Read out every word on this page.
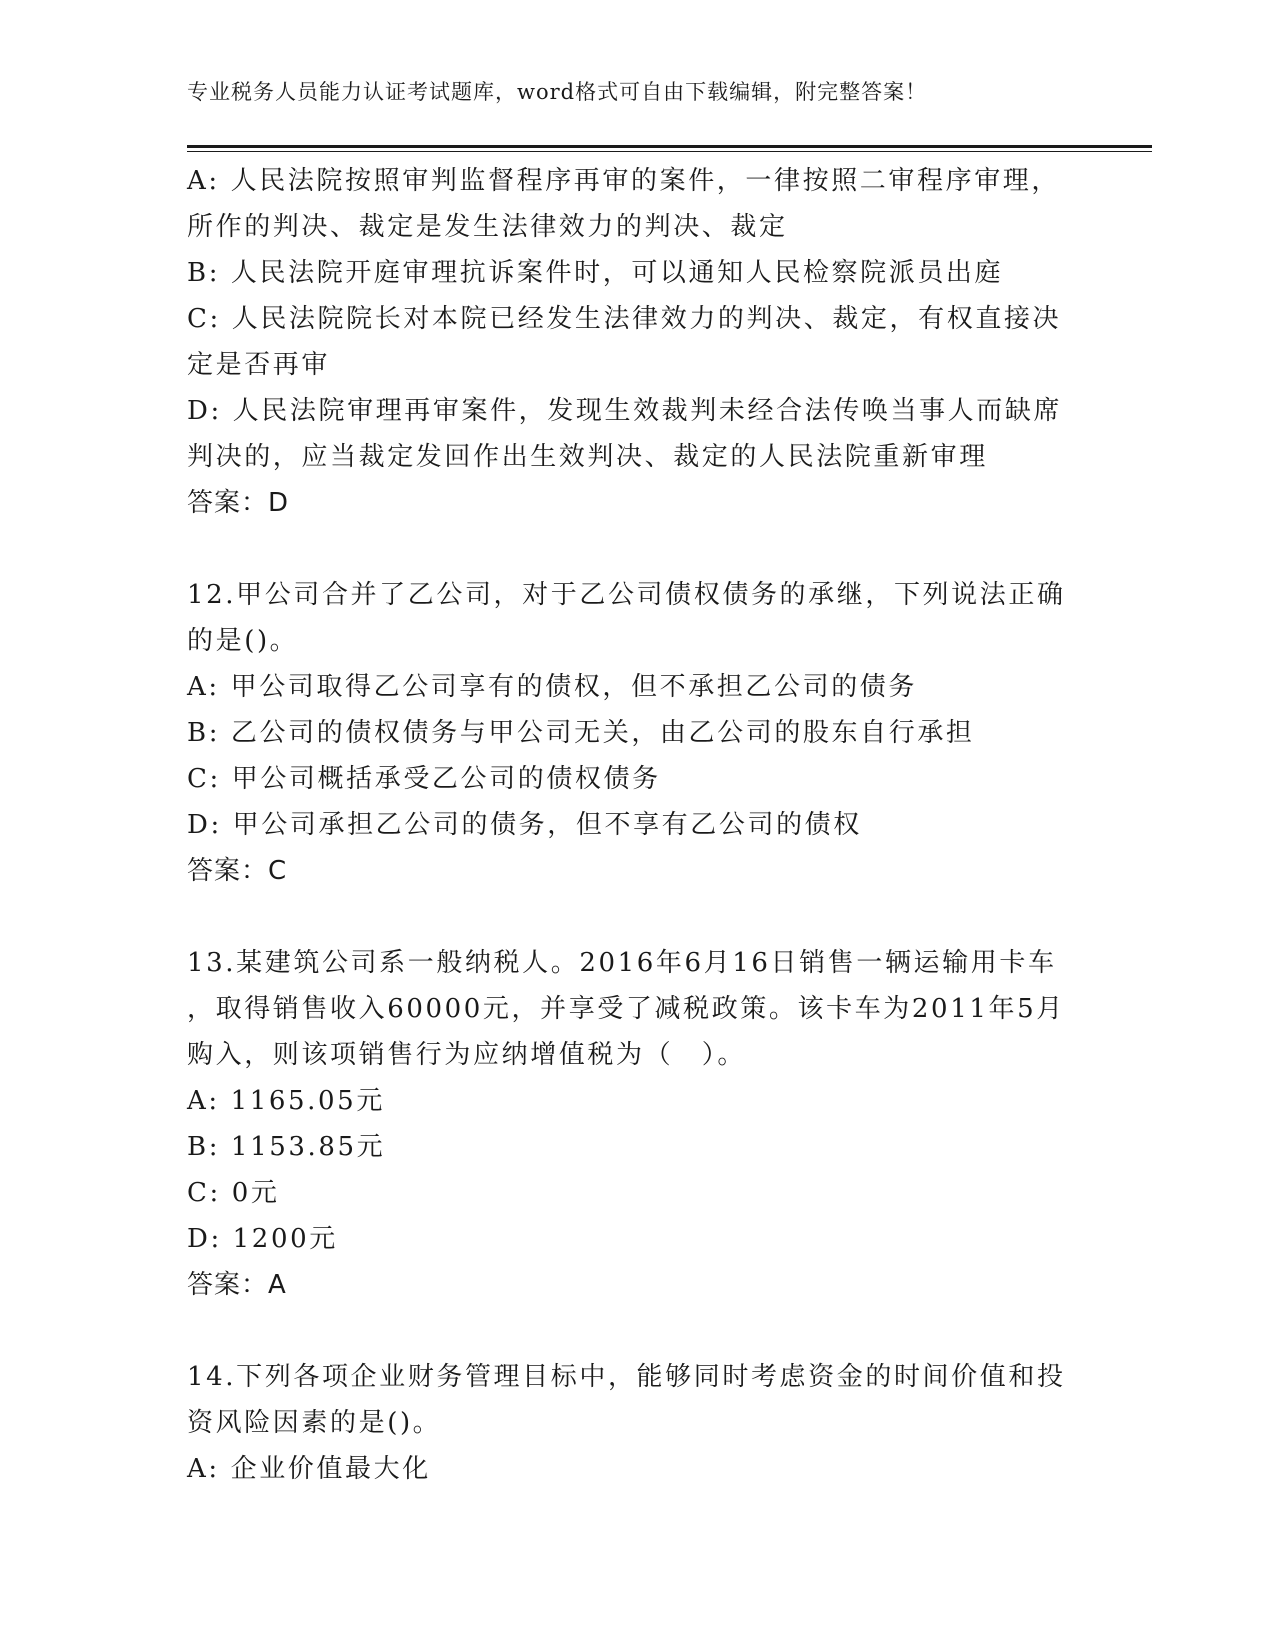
专业税务人员能力认证考试题库，word格式可自由下载编辑，附完整答案！
A: 人民法院按照审判监督程序再审的案件，一律按照二审程序审理，
所作的判决、裁定是发生法律效力的判决、裁定
B: 人民法院开庭审理抗诉案件时，可以通知人民检察院派员出庭
C: 人民法院院长对本院已经发生法律效力的判决、裁定，有权直接决
定是否再审
D: 人民法院审理再审案件，发现生效裁判未经合法传唤当事人而缺席
判决的，应当裁定发回作出生效判决、裁定的人民法院重新审理
答案：D
12.甲公司合并了乙公司，对于乙公司债权债务的承继，下列说法正确
的是()。
A: 甲公司取得乙公司享有的债权，但不承担乙公司的债务
B: 乙公司的债权债务与甲公司无关，由乙公司的股东自行承担
C: 甲公司概括承受乙公司的债权债务
D: 甲公司承担乙公司的债务，但不享有乙公司的债权
答案：C
13.某建筑公司系一般纳税人。2016年6月16日销售一辆运输用卡车
，取得销售收入60000元，并享受了减税政策。该卡车为2011年5月
购入，则该项销售行为应纳增值税为（　）。
A: 1165.05元
B: 1153.85元
C: 0元
D: 1200元
答案：A
14.下列各项企业财务管理目标中，能够同时考虑资金的时间价值和投
资风险因素的是()。
A: 企业价值最大化
